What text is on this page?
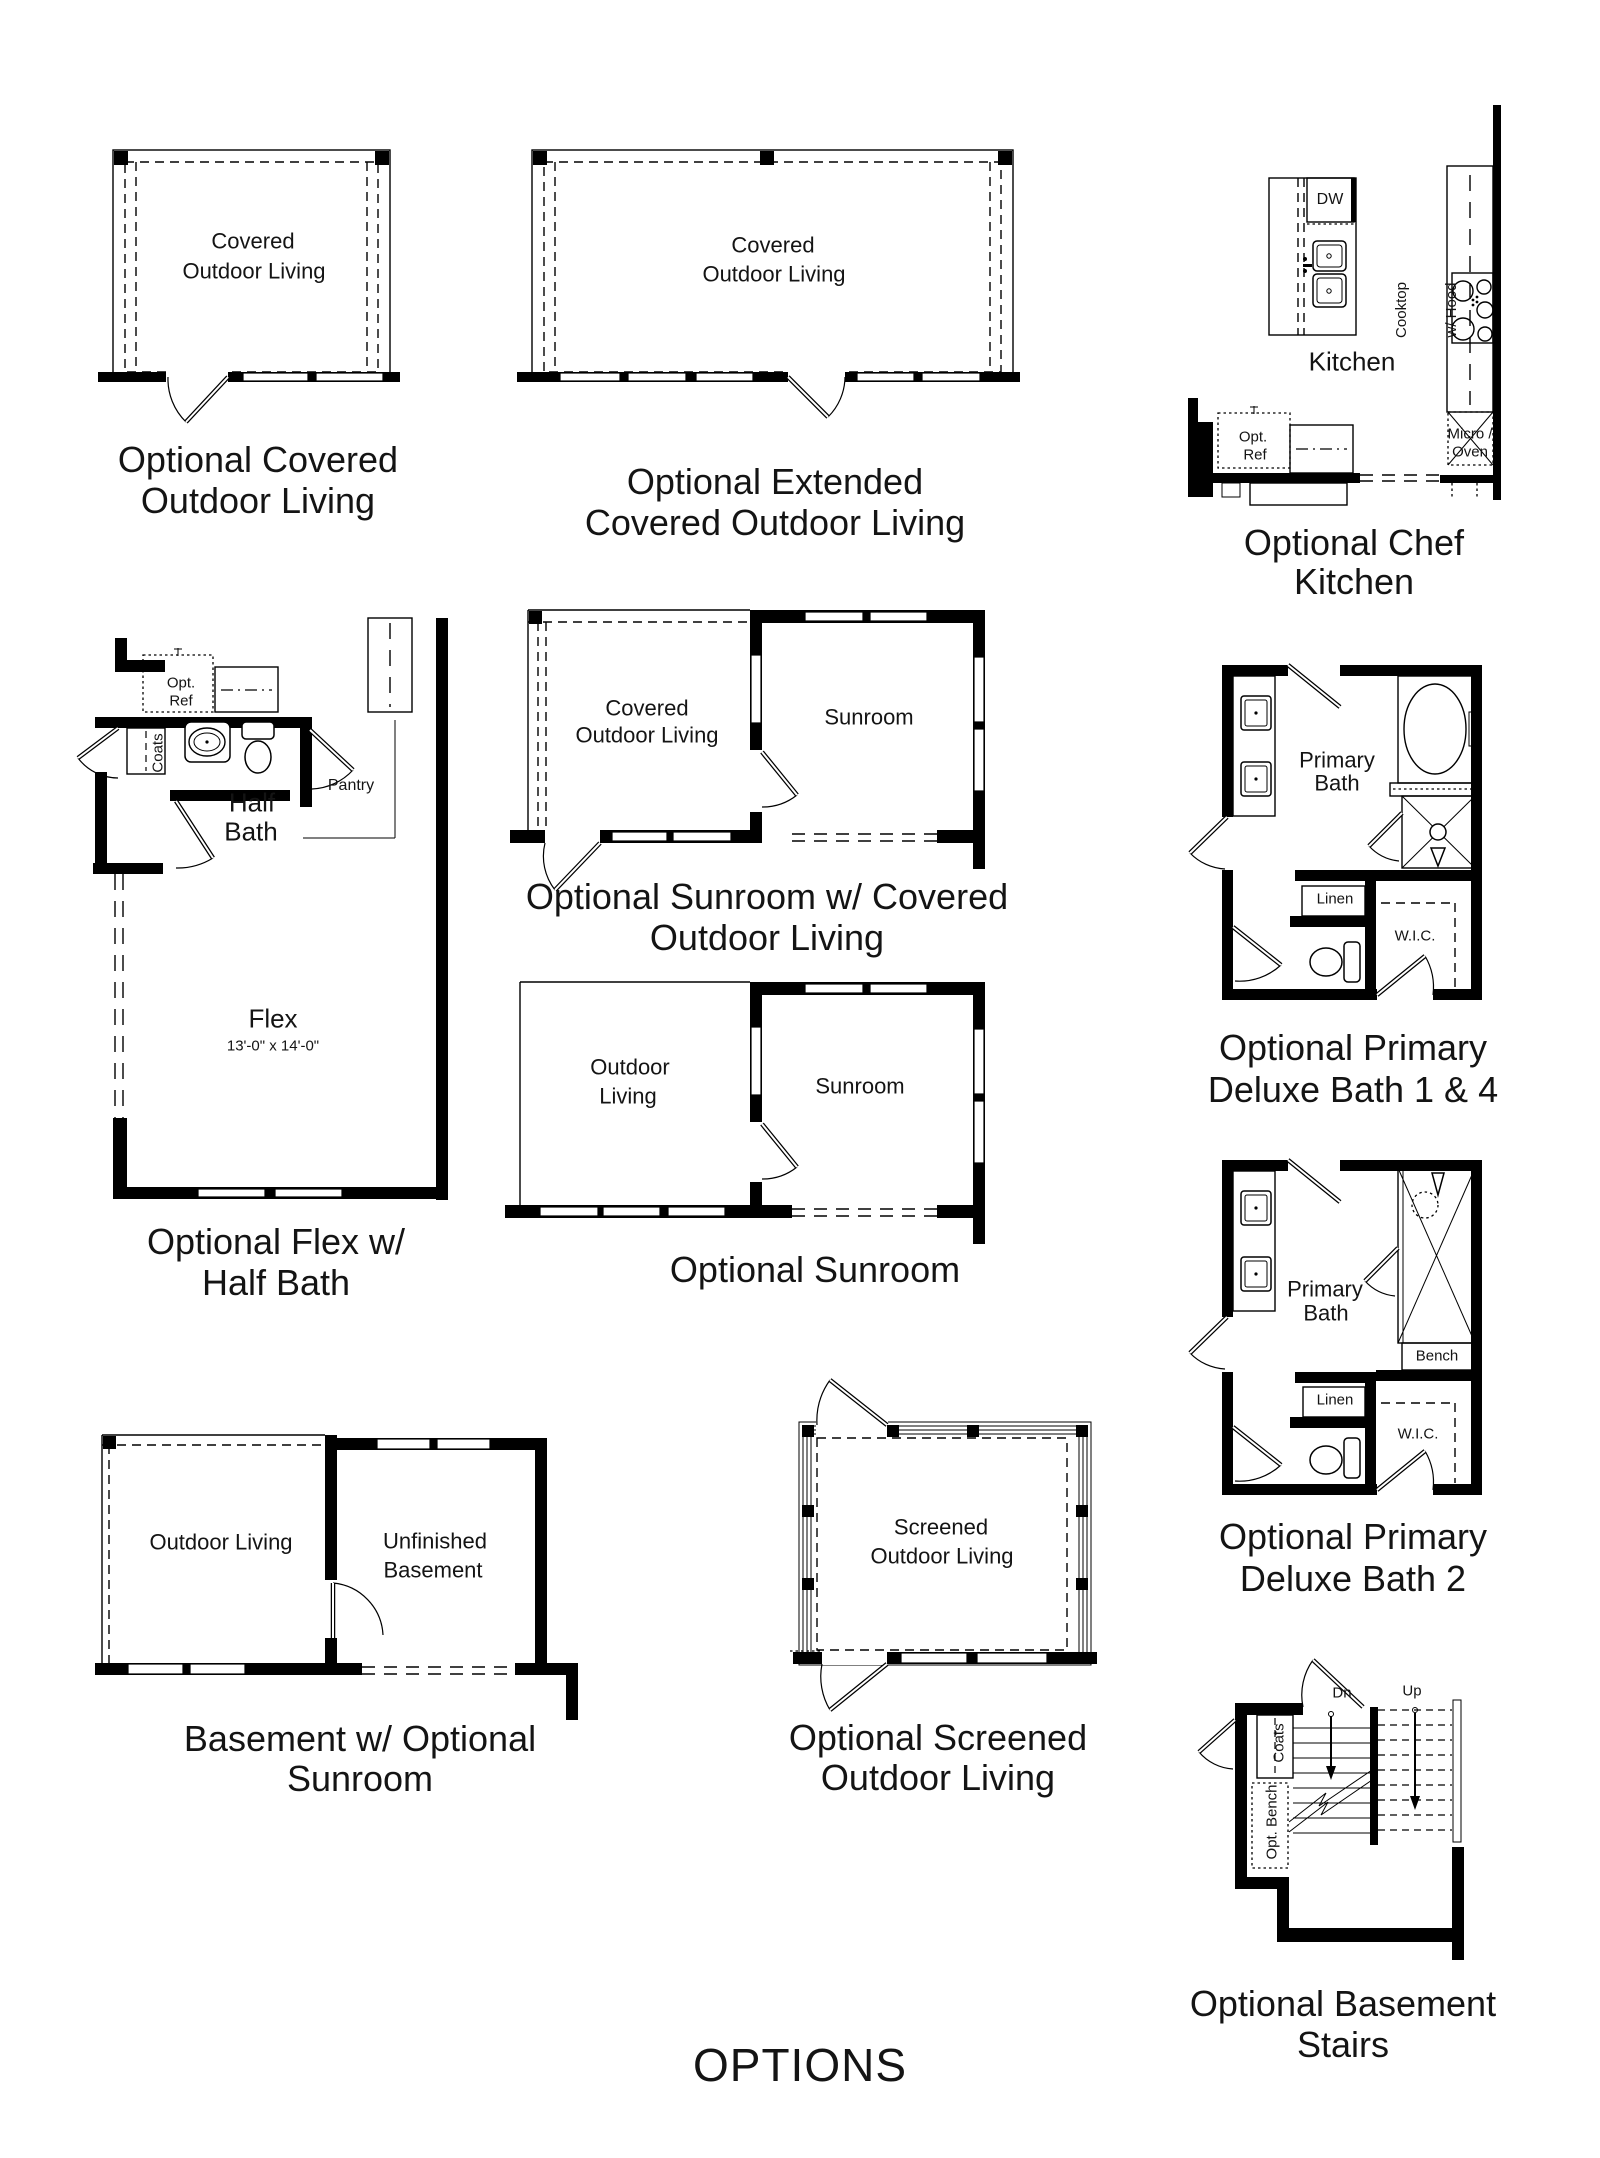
Covered
Outdoor Living
Optional Covered
Outdoor Living
Covered
Outdoor Living
Optional Extended
Covered Outdoor Living
DW
Kitchen

Cooktop

w/ Hood

Micro /
Oven
Opt.
Ref
Optional Chef
Kitchen
Opt.
Ref
Coats
Half
Bath
Pantry
Flex
13'-0" x 14'-0"
Optional Flex w/
Half Bath
Covered
Outdoor Living
Sunroom
Optional Sunroom w/ Covered
Outdoor Living
Outdoor
Living	Sunroom
Optional Sunroom
Primary
Bath
Linen
W.I.C.
Optional Primary
Deluxe Bath 1 & 4
Primary
Bath
Bench
Linen
W.I.C.
Optional Primary
Deluxe Bath 2
Outdoor Living	Unfinished
Basement
Basement w/ Optional
Sunroom
Screened
Outdoor Living
Optional Screened
Outdoor Living
Dn	Up
Coats
Opt. Bench
Optional Basement
Stairs
OPTIONS
